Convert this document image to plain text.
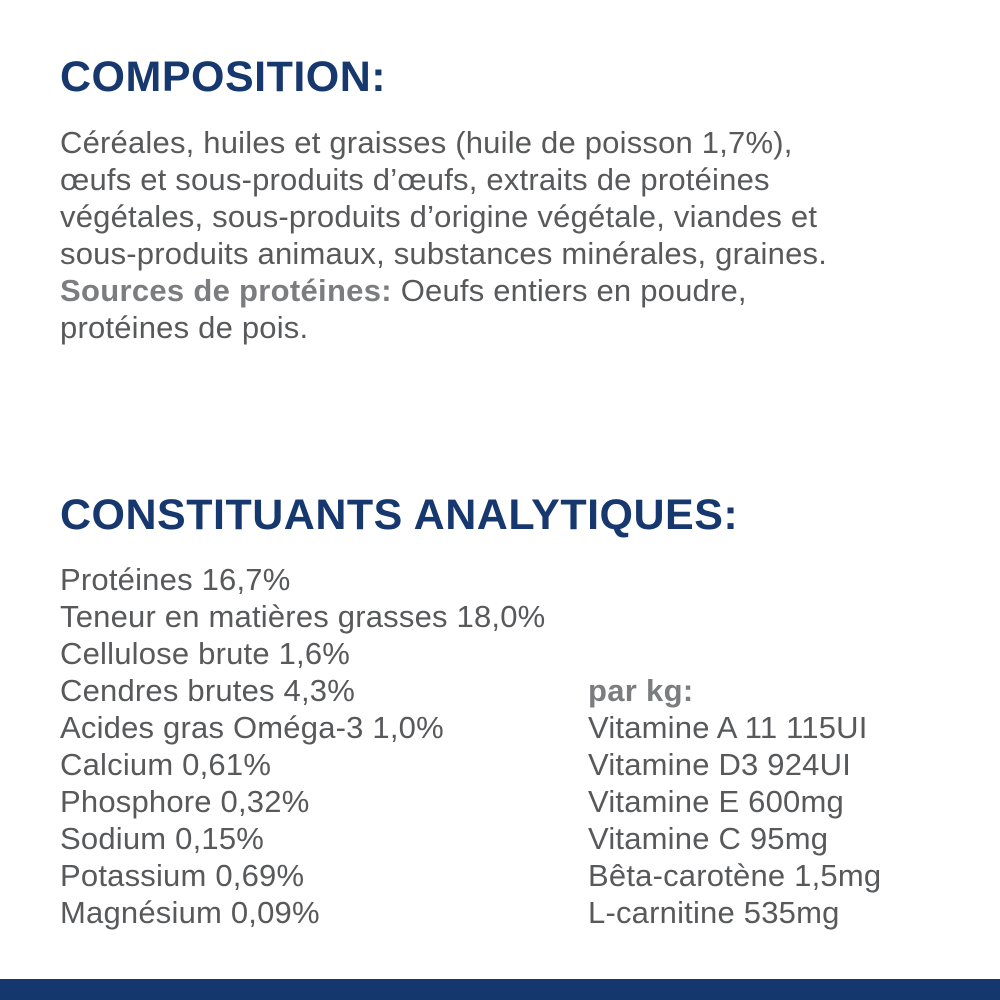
COMPOSITION:
Céréales, huiles et graisses (huile de poisson 1,7%),
œufs et sous-produits d’œufs, extraits de protéines
végétales, sous-produits d’origine végétale, viandes et
sous-produits animaux, substances minérales, graines.
Sources de protéines: Oeufs entiers en poudre,
protéines de pois.
CONSTITUANTS ANALYTIQUES:
Protéines 16,7%
Teneur en matières grasses 18,0%
Cellulose brute 1,6%
Cendres brutes 4,3%
Acides gras Oméga-3 1,0%
Calcium 0,61%
Phosphore 0,32%
Sodium 0,15%
Potassium 0,69%
Magnésium 0,09%
par kg:
Vitamine A 11 115UI
Vitamine D3 924UI
Vitamine E 600mg
Vitamine C 95mg
Bêta-carotène 1,5mg
L-carnitine 535mg
